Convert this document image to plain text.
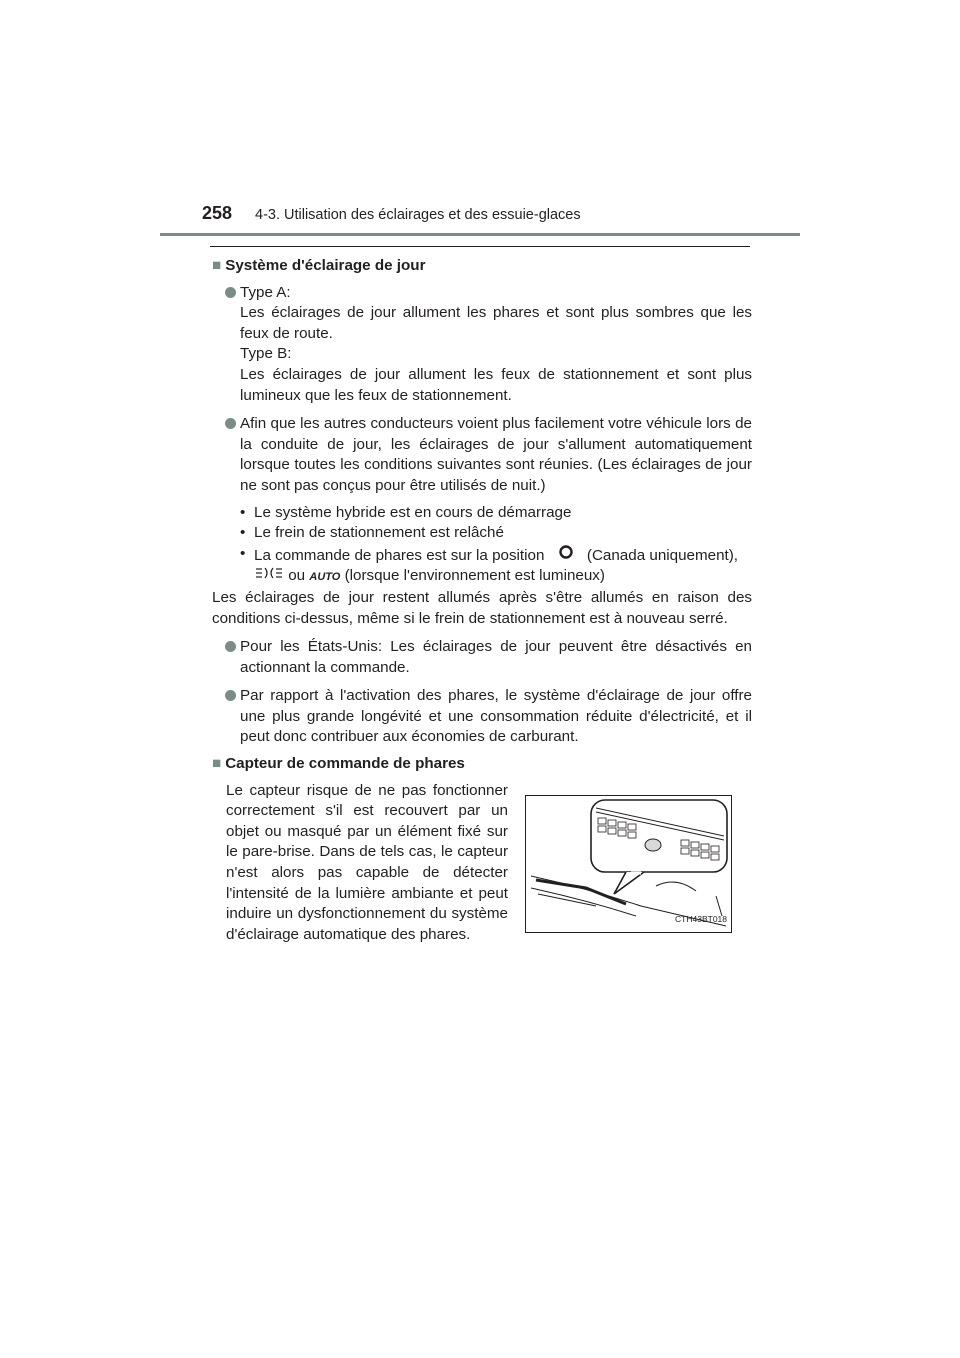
258 4-3. Utilisation des éclairages et des essuie-glaces
■ Système d'éclairage de jour
Type A:
Les éclairages de jour allument les phares et sont plus sombres que les feux de route.
Type B:
Les éclairages de jour allument les feux de stationnement et sont plus lumineux que les feux de stationnement.
Afin que les autres conducteurs voient plus facilement votre véhicule lors de la conduite de jour, les éclairages de jour s'allument automatiquement lorsque toutes les conditions suivantes sont réunies. (Les éclairages de jour ne sont pas conçus pour être utilisés de nuit.)
• Le système hybride est en cours de démarrage
• Le frein de stationnement est relâché
• La commande de phares est sur la position	(Canada uniquement),
ou AUTO (lorsque l'environnement est lumineux)
Les éclairages de jour restent allumés après s'être allumés en raison des conditions ci-dessus, même si le frein de stationnement est à nouveau serré.
Pour les États-Unis: Les éclairages de jour peuvent être désactivés en actionnant la commande.
Par rapport à l'activation des phares, le système d'éclairage de jour offre une plus grande longévité et une consommation réduite d'électricité, et il peut donc contribuer aux économies de carburant.
■ Capteur de commande de phares
Le capteur risque de ne pas fonctionner correctement s'il est recouvert par un objet ou masqué par un élément fixé sur le pare-brise. Dans de tels cas, le capteur n'est alors pas capable de détecter l'intensité de la lumière ambiante et peut induire un dysfonctionnement du système d'éclairage automatique des phares.
CTH43BT018
